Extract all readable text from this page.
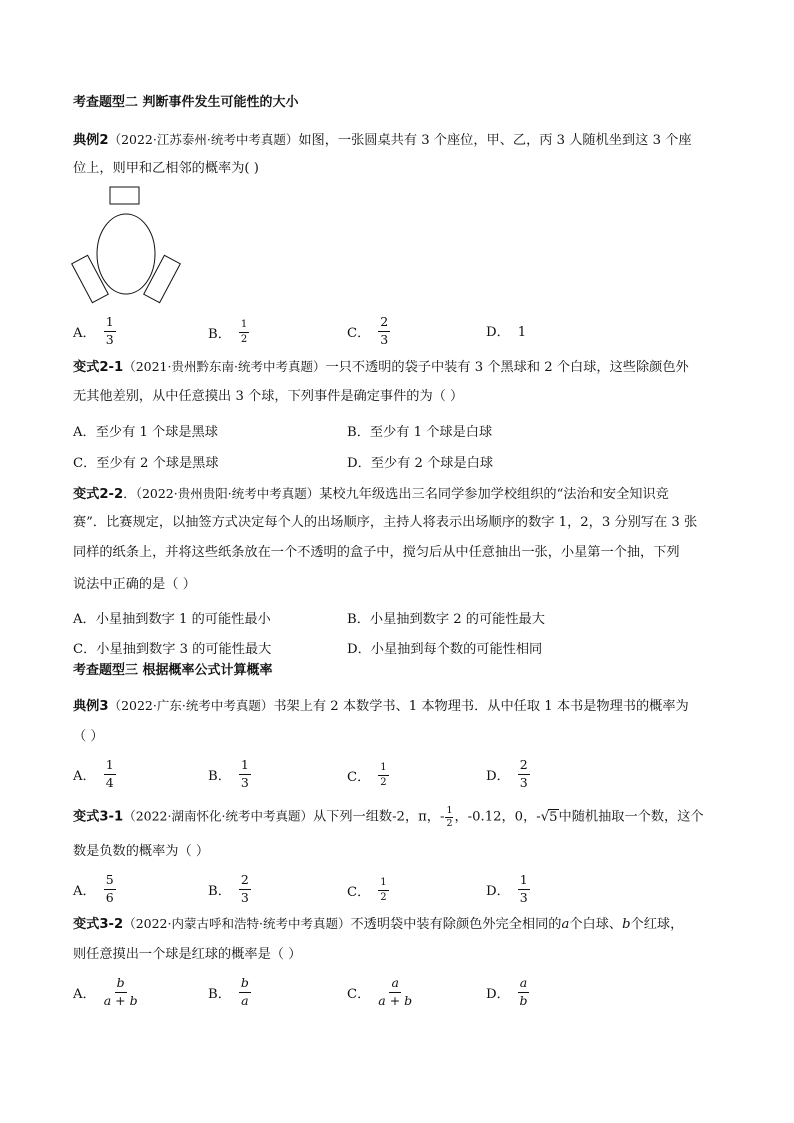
考查题型二 判断事件发生可能性的大小
典例2（2022·江苏泰州·统考中考真题）如图，一张圆桌共有 3 个座位，甲、乙，丙 3 人随机坐到这 3 个座
位上，则甲和乙相邻的概率为( )
A． $\frac{1}{3}$	B． $\frac{1}{2}$	C． $\frac{2}{3}$	D． 1
变式2-1（2021·贵州黔东南·统考中考真题）一只不透明的袋子中装有 3 个黑球和 2 个白球，这些除颜色外
无其他差别，从中任意摸出 3 个球，下列事件是确定事件的为（ ）
A．至少有 1 个球是黑球	B．至少有 1 个球是白球
C．至少有 2 个球是黑球	D．至少有 2 个球是白球
变式2-2．（2022·贵州贵阳·统考中考真题）某校九年级选出三名同学参加学校组织的“法治和安全知识竞
赛”．比赛规定，以抽签方式决定每个人的出场顺序，主持人将表示出场顺序的数字 1，2，3 分别写在 3 张
同样的纸条上，并将这些纸条放在一个不透明的盒子中，搅匀后从中任意抽出一张，小星第一个抽，下列
说法中正确的是（ ）
A．小星抽到数字 1 的可能性最小	B．小星抽到数字 2 的可能性最大
C．小星抽到数字 3 的可能性最大	D．小星抽到每个数的可能性相同
考查题型三 根据概率公式计算概率
典例3（2022·广东·统考中考真题）书架上有 2 本数学书、1 本物理书．从中任取 1 本书是物理书的概率为
（ ）
A． $\frac{1}{4}$	B． $\frac{1}{3}$	C． $\frac{1}{2}$	D． $\frac{2}{3}$
变式3-1（2022·湖南怀化·统考中考真题）从下列一组数-2，π，- $\frac{1}{2}$ ，-0.12，0，-√5中随机抽取一个数，这个
数是负数的概率为（ ）
A． $\frac{5}{6}$	B． $\frac{2}{3}$	C． $\frac{1}{2}$	D． $\frac{1}{3}$
变式3-2（2022·内蒙古呼和浩特·统考中考真题）不透明袋中装有除颜色外完全相同的a个白球、b个红球，
则任意摸出一个球是红球的概率是（ ）
A． $\frac{b}{a + b}$	B． $\frac{b}{a}$	C． $\frac{a}{a + b}$	D． $\frac{a}{b}$
